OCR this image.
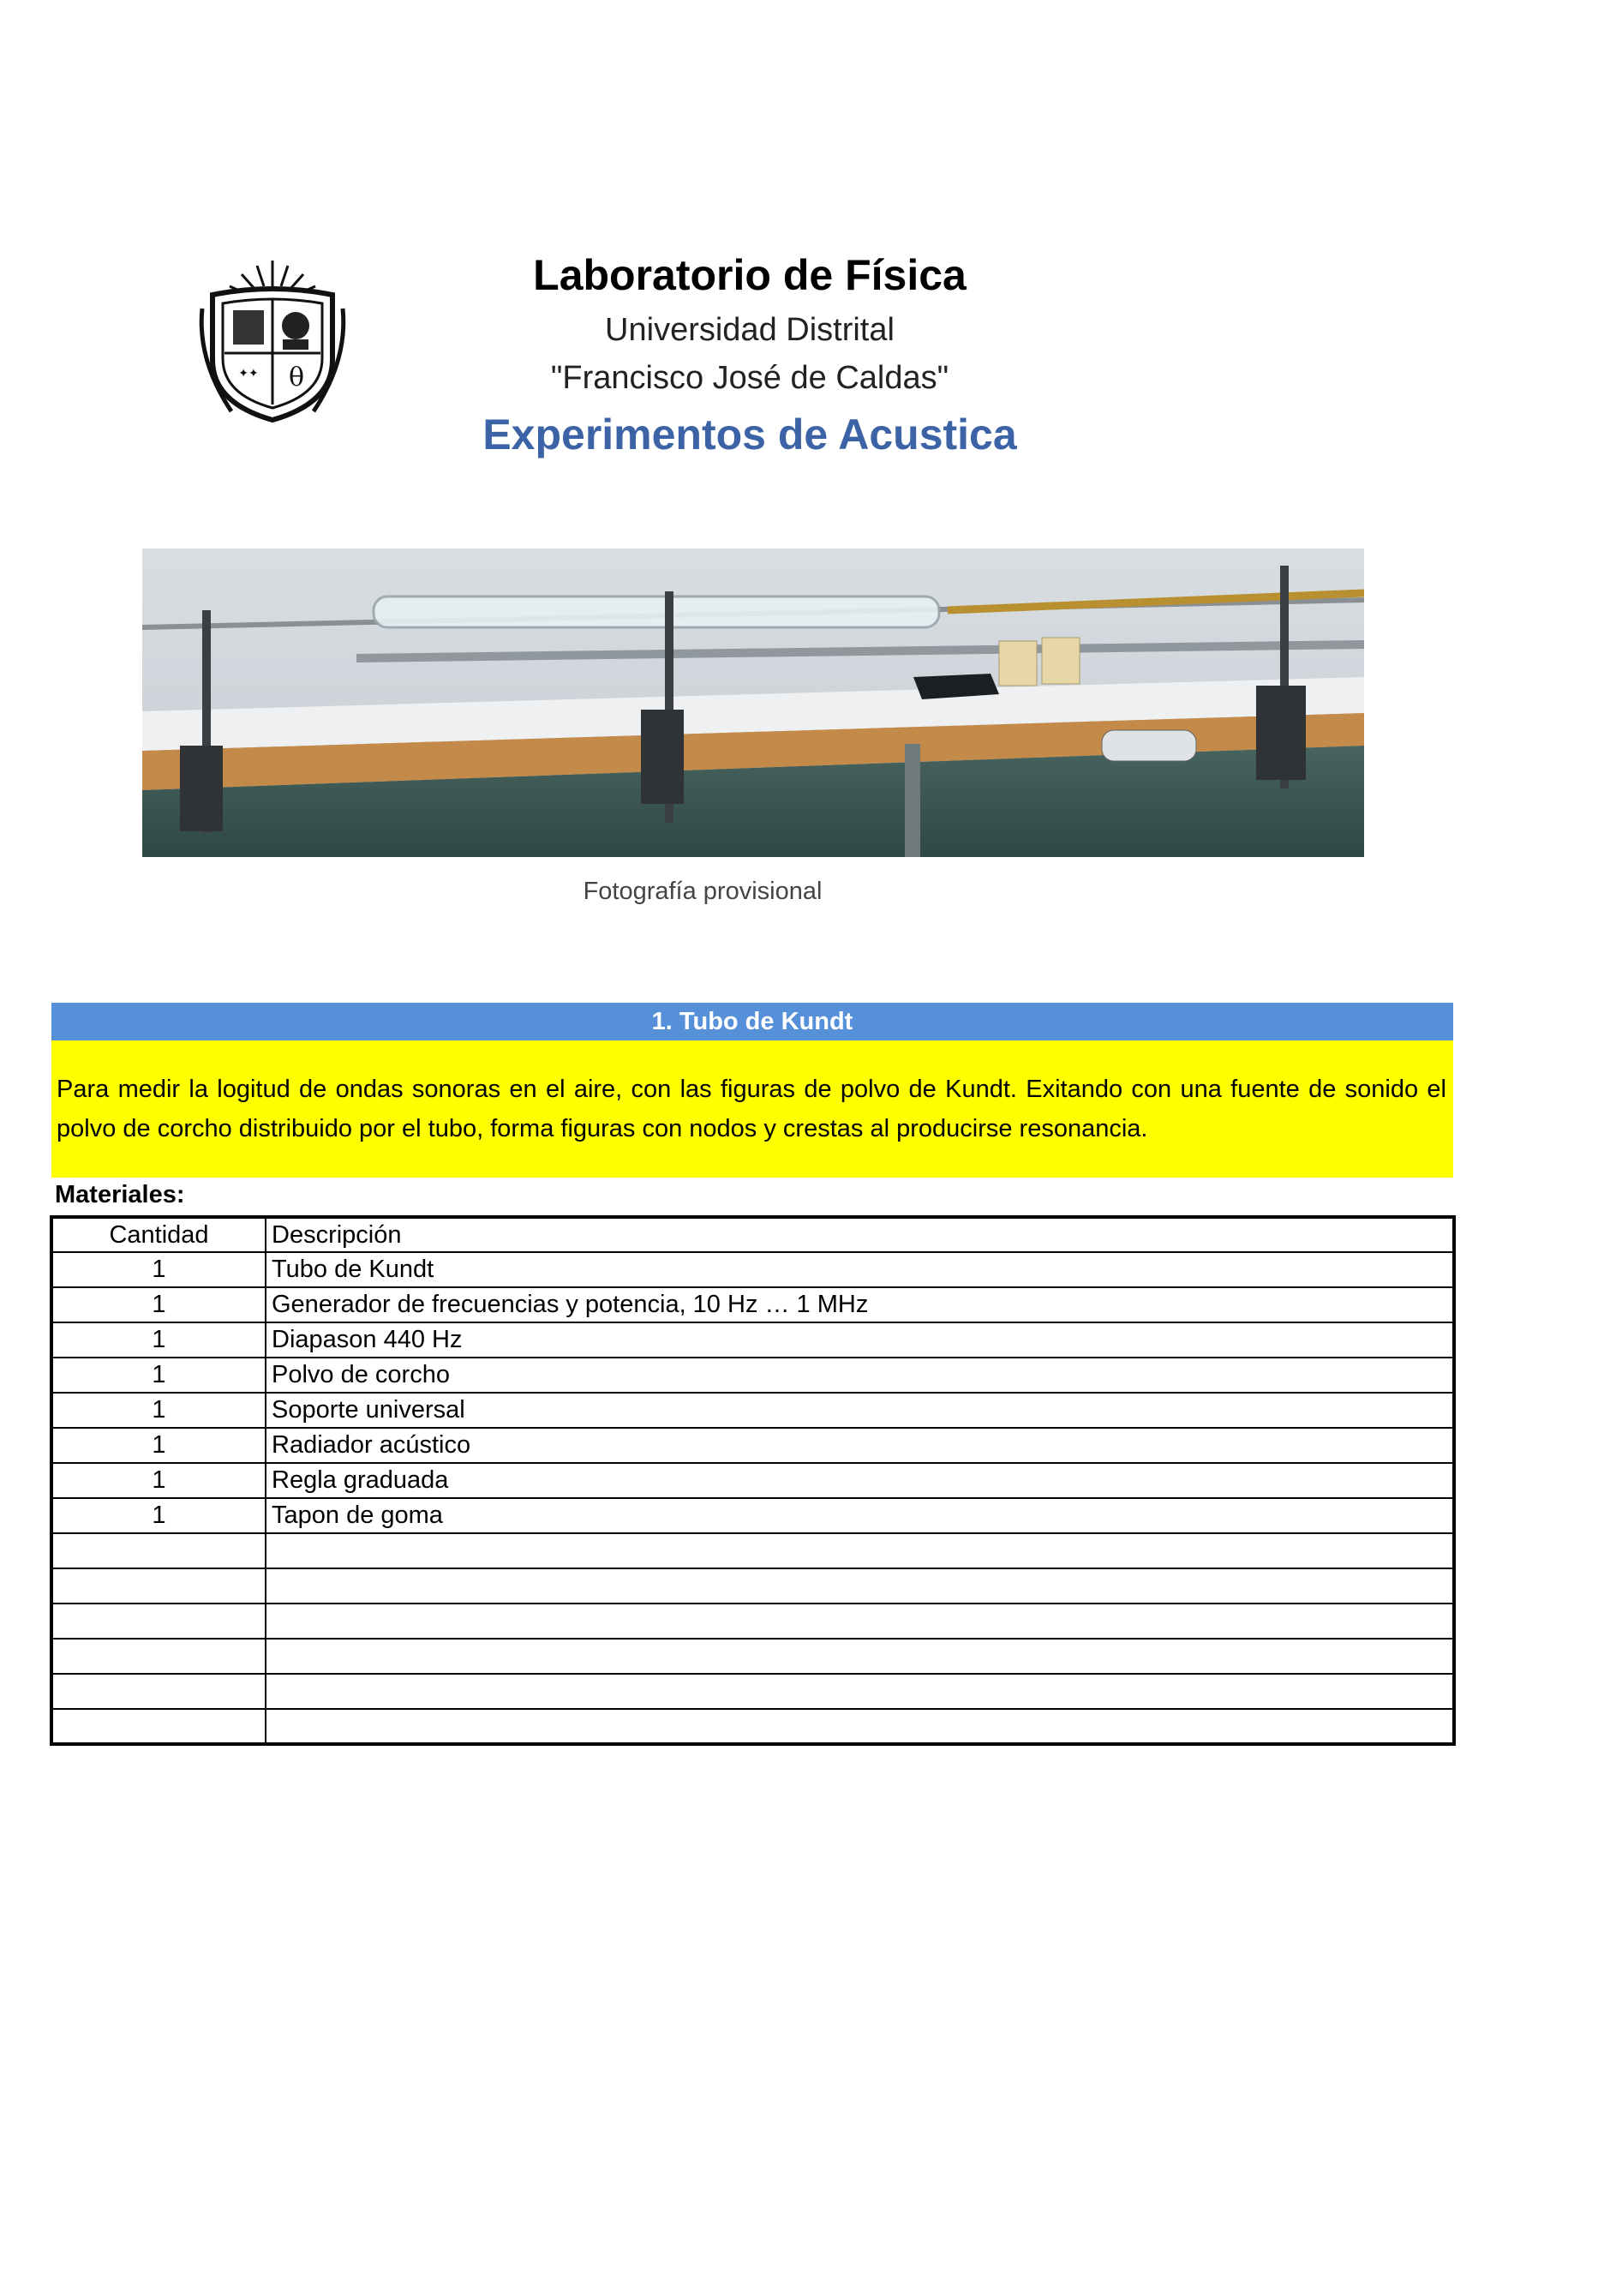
✦✦ θ
Laboratorio de Física
Universidad Distrital
"Francisco José de Caldas"
Experimentos de Acustica
Fotografía provisional
1. Tubo de Kundt
Para medir la logitud de ondas sonoras en el aire, con las figuras de polvo de Kundt. Exitando con una fuente de sonido el polvo de corcho distribuido por el tubo, forma figuras con nodos y crestas al producirse resonancia.
Materiales:
Cantidad	Descripción
1	Tubo de Kundt
1	Generador de frecuencias y potencia, 10 Hz … 1 MHz
1	Diapason 440 Hz
1	Polvo de corcho
1	Soporte universal
1	Radiador acústico
1	Regla graduada
1	Tapon de goma
